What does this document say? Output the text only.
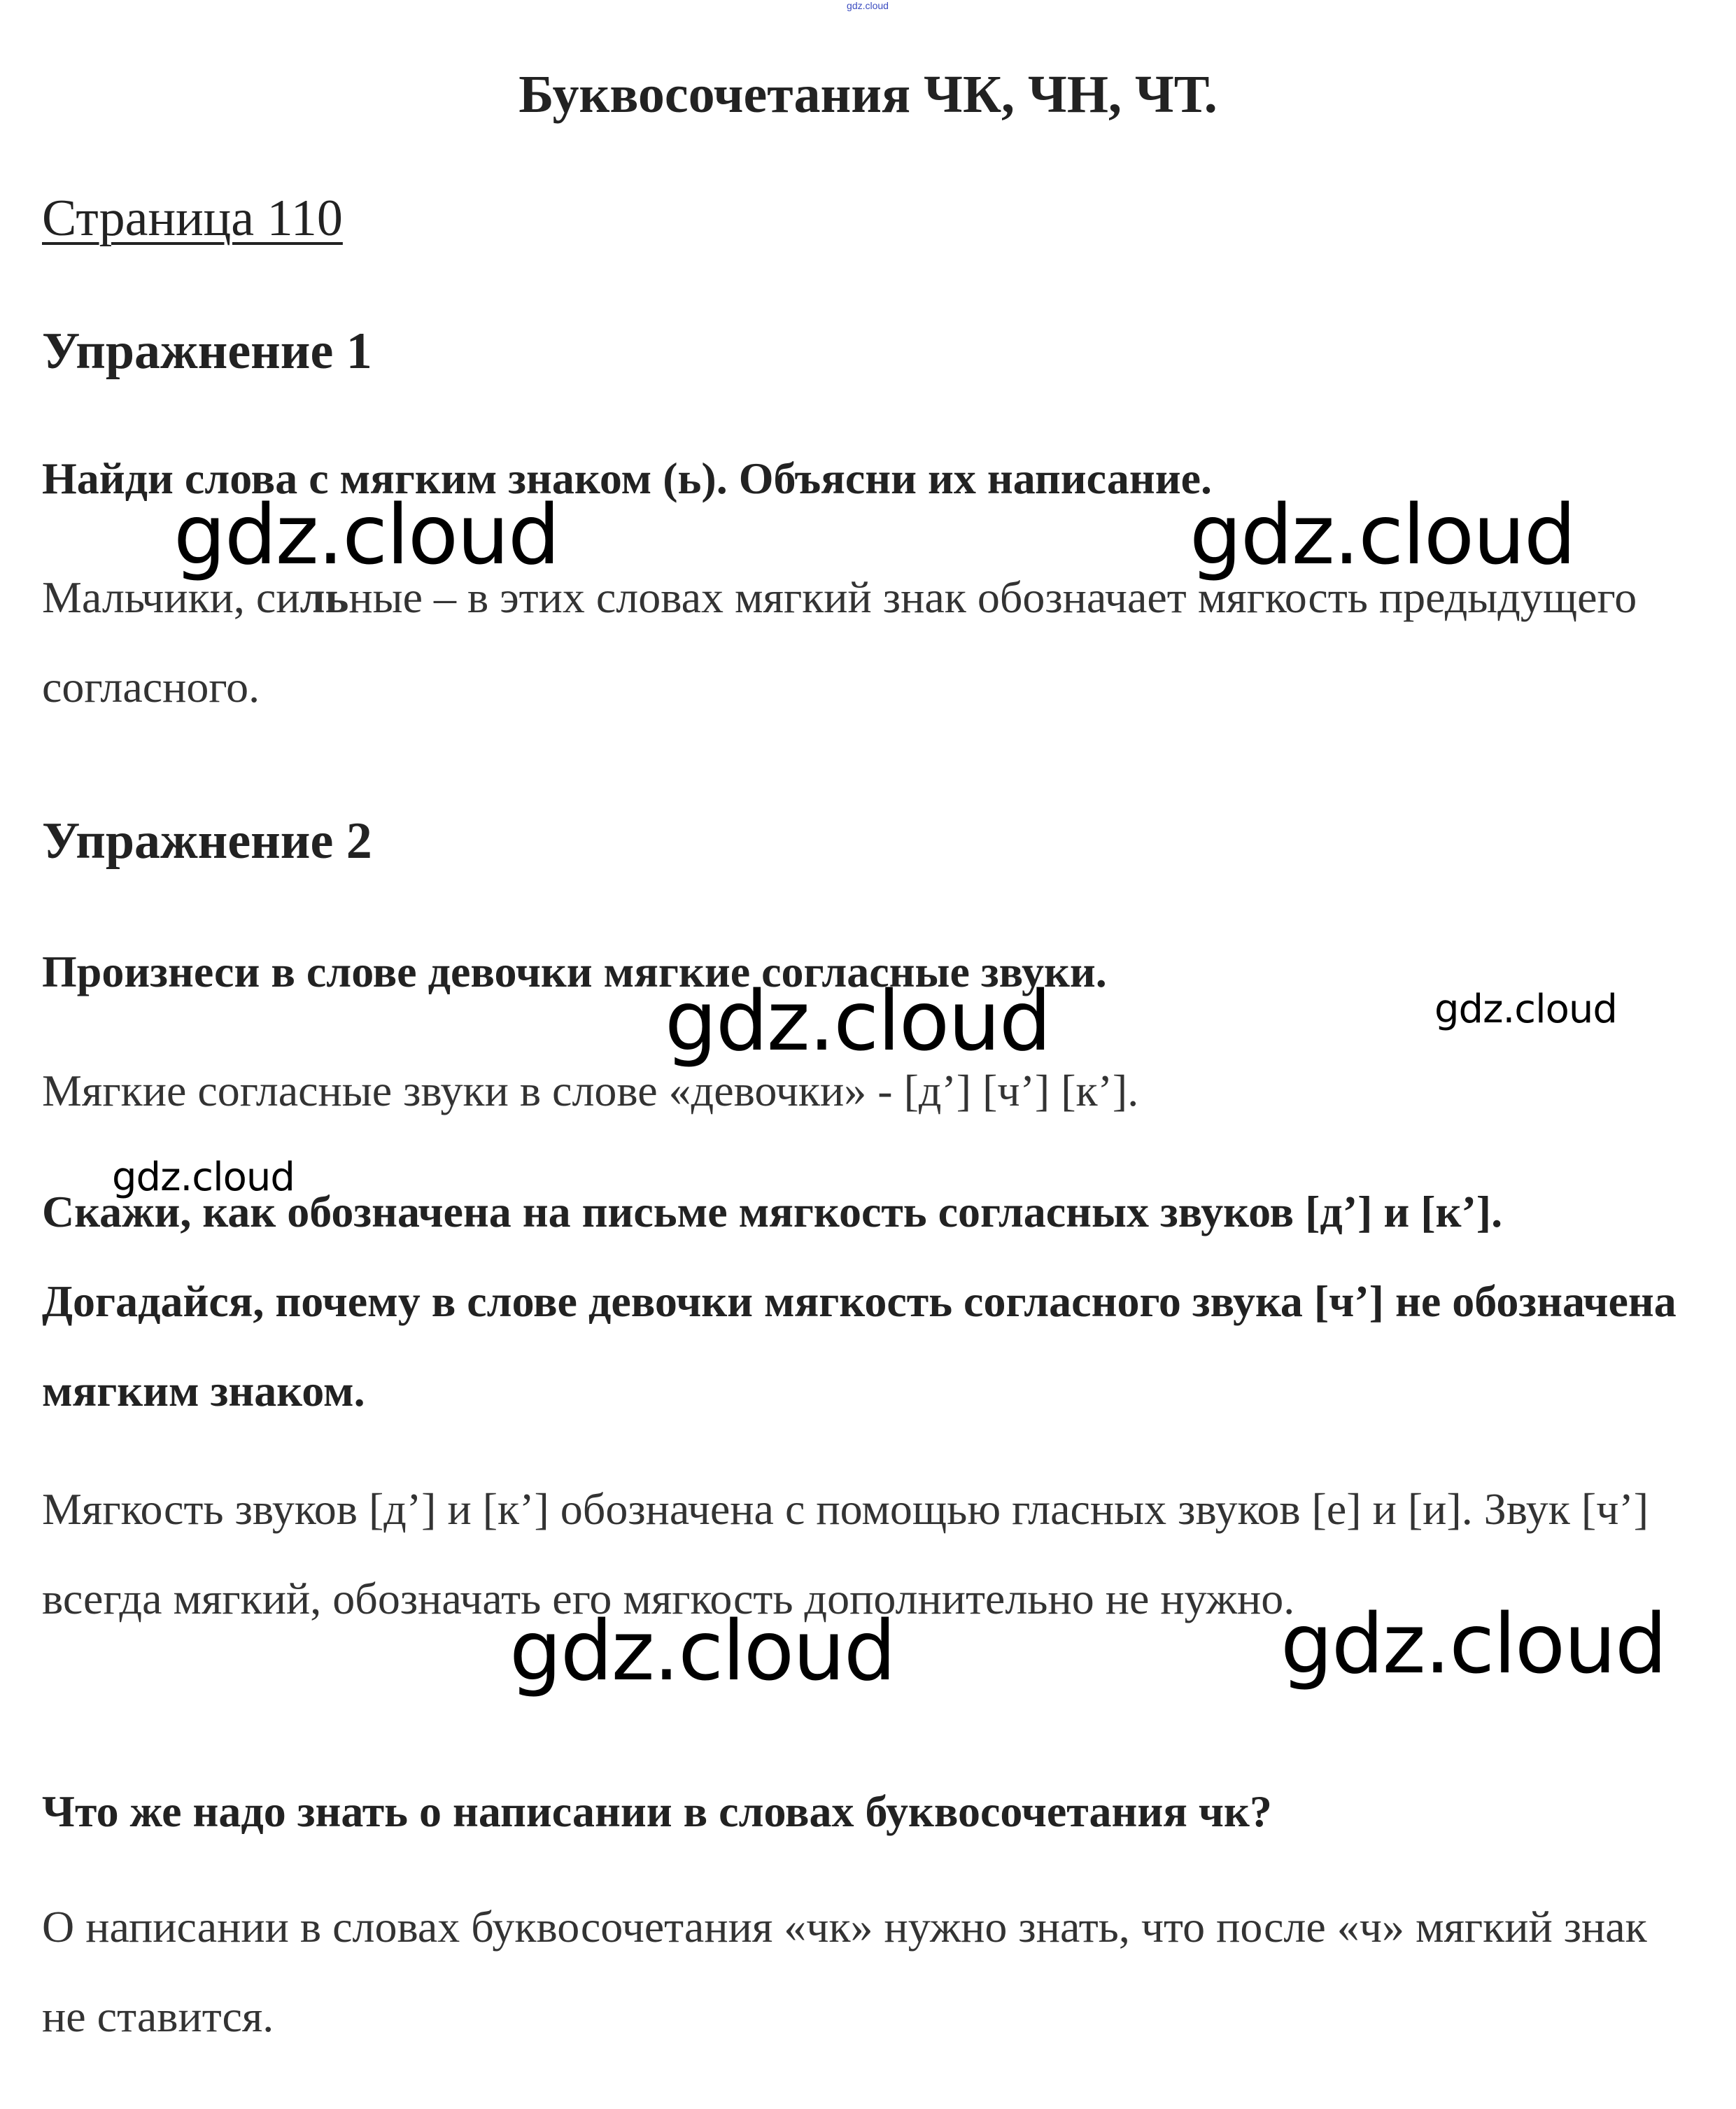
gdz.cloud
Буквосочетания ЧК, ЧН, ЧТ.
Страница 110
Упражнение 1
Найди слова с мягким знаком (ь). Объясни их написание.
Мальчики, сильные – в этих словах мягкий знак обозначает мягкость предыдущего согласного.
Упражнение 2
Произнеси в слове девочки мягкие согласные звуки.
Мягкие согласные звуки в слове «девочки» - [д’] [ч’] [к’].
Скажи, как обозначена на письме мягкость согласных звуков [д’] и [к’]. Догадайся, почему в слове девочки мягкость согласного звука [ч’] не обозначена мягким знаком.
Мягкость звуков [д’] и [к’] обозначена с помощью гласных звуков [е] и [и]. Звук [ч’] всегда мягкий, обозначать его мягкость дополнительно не нужно.
Что же надо знать о написании в словах буквосочетания чк?
О написании в словах буквосочетания «чк» нужно знать, что после «ч» мягкий знак не ставится.
gdz.cloud	gdz.cloud
gdz.cloud	gdz.cloud
gdz.cloud
gdz.cloud	gdz.cloud
